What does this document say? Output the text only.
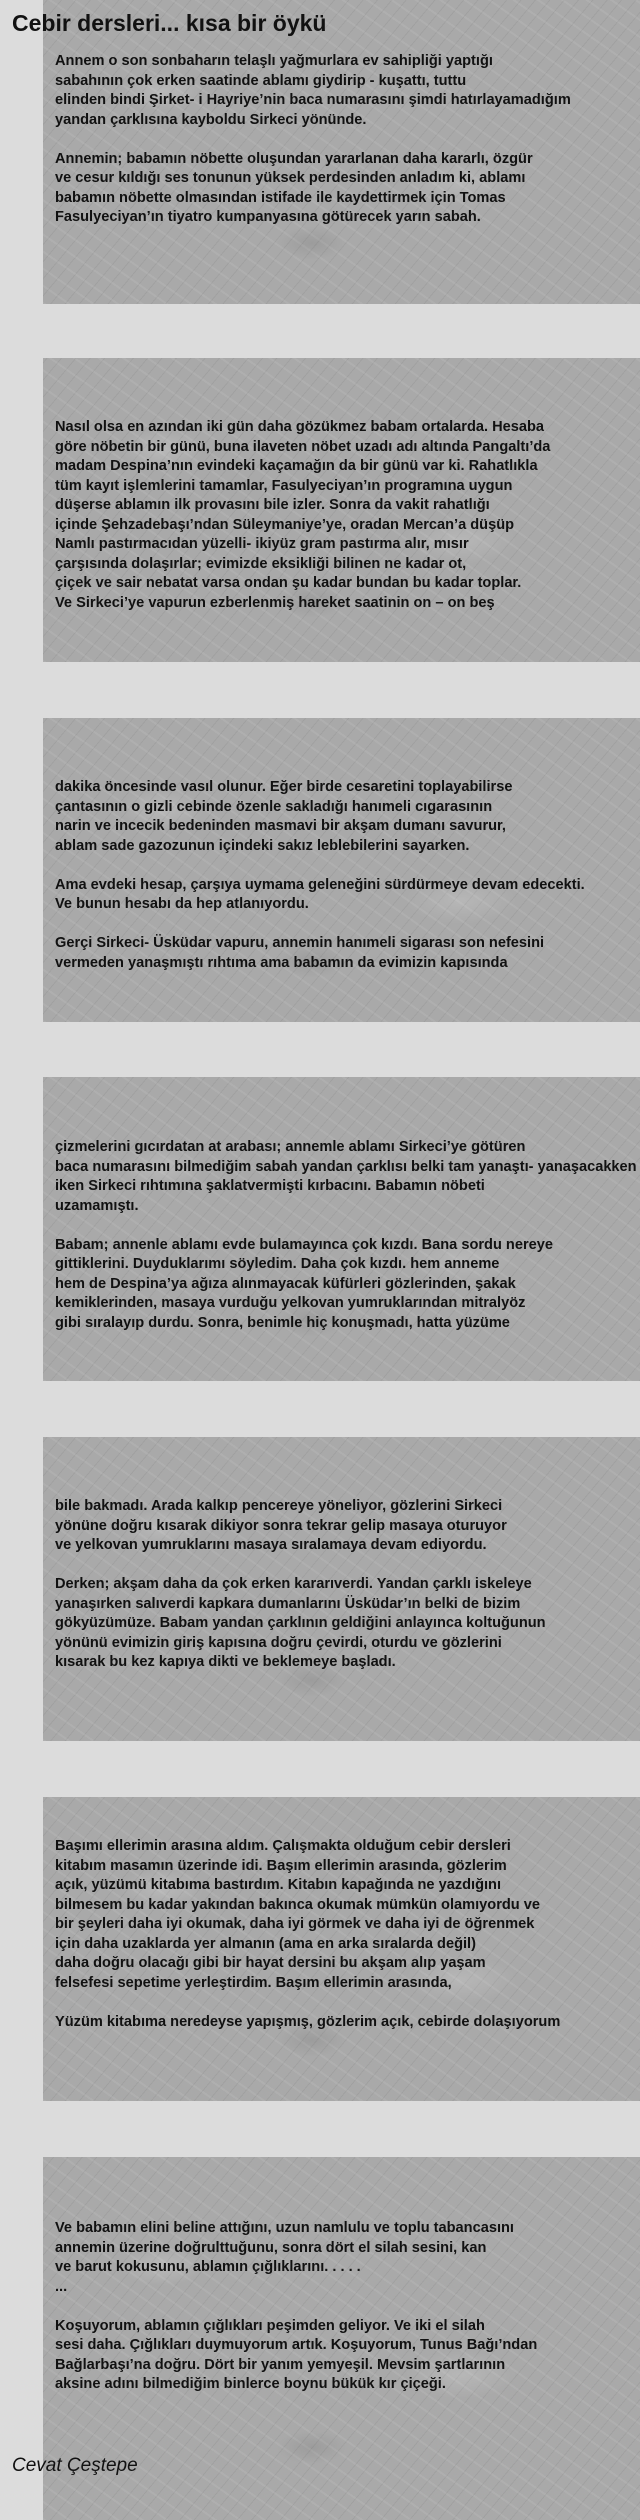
Annem o son sonbaharın telaşlı yağmurlara ev sahipliği yaptığı

sabahının çok erken saatinde ablamı giydirip - kuşattı, tuttu

elinden bindi Şirket- i Hayriye’nin baca numarasını şimdi hatırlayamadığım

yandan çarklısına kayboldu Sirkeci yönünde.

Annemin; babamın nöbette oluşundan yararlanan daha kararlı, özgür

ve cesur kıldığı ses tonunun yüksek perdesinden anladım ki, ablamı

babamın nöbette olmasından istifade ile kaydettirmek için Tomas

Fasulyeciyan’ın tiyatro kumpanyasına götürecek yarın sabah.

Nasıl olsa en azından iki gün daha gözükmez babam ortalarda. Hesaba

göre nöbetin bir günü, buna ilaveten nöbet uzadı adı altında Pangaltı’da

madam Despina’nın evindeki kaçamağın da bir günü var ki. Rahatlıkla

tüm kayıt işlemlerini tamamlar, Fasulyeciyan’ın programına uygun

düşerse ablamın ilk provasını bile izler. Sonra da vakit rahatlığı

içinde Şehzadebaşı’ndan Süleymaniye’ye, oradan Mercan’a düşüp

Namlı pastırmacıdan yüzelli- ikiyüz gram pastırma alır, mısır

çarşısında dolaşırlar; evimizde eksikliği bilinen ne kadar ot,

çiçek ve sair nebatat varsa ondan şu kadar bundan bu kadar toplar.

Ve Sirkeci’ye vapurun ezberlenmiş hareket saatinin on – on beş

dakika öncesinde vasıl olunur. Eğer birde cesaretini toplayabilirse

çantasının o gizli cebinde özenle sakladığı hanımeli cıgarasının

narin ve incecik bedeninden masmavi bir akşam dumanı savurur,

ablam sade gazozunun içindeki sakız leblebilerini sayarken.

Ama evdeki hesap, çarşıya uymama geleneğini sürdürmeye devam edecekti.

Ve bunun hesabı da hep atlanıyordu.

Gerçi Sirkeci- Üsküdar vapuru, annemin hanımeli sigarası son nefesini

vermeden yanaşmıştı rıhtıma ama babamın da evimizin kapısında

çizmelerini gıcırdatan at arabası; annemle ablamı Sirkeci’ye götüren

baca numarasını bilmediğim sabah yandan çarklısı belki tam yanaştı- yanaşacakken

iken Sirkeci rıhtımına şaklatvermişti kırbacını. Babamın nöbeti

uzamamıştı.

Babam; annenle ablamı evde bulamayınca çok kızdı. Bana sordu nereye

gittiklerini. Duyduklarımı söyledim. Daha çok kızdı. hem anneme

hem de Despina’ya ağıza alınmayacak küfürleri gözlerinden, şakak

kemiklerinden, masaya vurduğu yelkovan yumruklarından mitralyöz

gibi sıralayıp durdu. Sonra, benimle hiç konuşmadı, hatta yüzüme

bile bakmadı. Arada kalkıp pencereye yöneliyor, gözlerini Sirkeci

yönüne doğru kısarak dikiyor sonra tekrar gelip masaya oturuyor

ve yelkovan yumruklarını masaya sıralamaya devam ediyordu.

Derken; akşam daha da çok erken kararıverdi. Yandan çarklı iskeleye

yanaşırken salıverdi kapkara dumanlarını Üsküdar’ın belki de bizim

gökyüzümüze. Babam yandan çarklının geldiğini anlayınca koltuğunun

yönünü evimizin giriş kapısına doğru çevirdi, oturdu ve gözlerini

kısarak bu kez kapıya dikti ve beklemeye başladı.

Başımı ellerimin arasına aldım. Çalışmakta olduğum cebir dersleri

kitabım masamın üzerinde idi. Başım ellerimin arasında, gözlerim

açık, yüzümü kitabıma bastırdım. Kitabın kapağında ne yazdığını

bilmesem bu kadar yakından bakınca okumak mümkün olamıyordu ve

bir şeyleri daha iyi okumak, daha iyi görmek ve daha iyi de öğrenmek

için daha uzaklarda yer almanın (ama en arka sıralarda değil)

daha doğru olacağı gibi bir hayat dersini bu akşam alıp yaşam

felsefesi sepetime yerleştirdim. Başım ellerimin arasında,

Yüzüm kitabıma neredeyse yapışmış, gözlerim açık, cebirde dolaşıyorum

Ve babamın elini beline attığını, uzun namlulu ve toplu tabancasını

annemin üzerine doğrulttuğunu, sonra dört el silah sesini, kan

ve barut kokusunu, ablamın çığlıklarını. . . . .

...

Koşuyorum, ablamın çığlıkları peşimden geliyor. Ve iki el silah

sesi daha. Çığlıkları duymuyorum artık. Koşuyorum, Tunus Bağı’ndan

Bağlarbaşı’na doğru. Dört bir yanım yemyeşil. Mevsim şartlarının

aksine adını bilmediğim binlerce boynu bükük kır çiçeği.

Cebir dersleri... kısa bir öykü

Cevat Çeştepe
